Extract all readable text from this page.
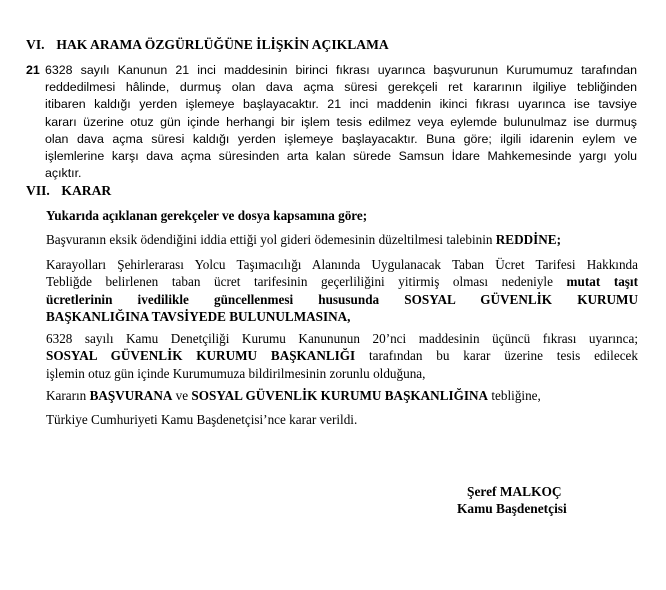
VI. HAK ARAMA ÖZGÜRLÜĞÜNE İLİŞKİN AÇIKLAMA
21 6328 sayılı Kanunun 21 inci maddesinin birinci fıkrası uyarınca başvurunun Kurumumuz tarafından
reddedilmesi hâlinde, durmuş olan dava açma süresi gerekçeli ret kararının ilgiliye tebliğinden
itibaren kaldığı yerden işlemeye başlayacaktır. 21 inci maddenin ikinci fıkrası uyarınca ise tavsiye
kararı üzerine otuz gün içinde herhangi bir işlem tesis edilmez veya eylemde bulunulmaz ise durmuş
olan dava açma süresi kaldığı yerden işlemeye başlayacaktır. Buna göre; ilgili idarenin eylem ve
işlemlerine karşı dava açma süresinden arta kalan sürede Samsun İdare Mahkemesinde yargı yolu
açıktır.
VII. KARAR
Yukarıda açıklanan gerekçeler ve dosya kapsamına göre;
Başvuranın eksik ödendiğini iddia ettiği yol gideri ödemesinin düzeltilmesi talebinin REDDİNE;
Karayolları Şehirlerarası Yolcu Taşımacılığı Alanında Uygulanacak Taban Ücret Tarifesi Hakkında
Tebliğde belirlenen taban ücret tarifesinin geçerliliğini yitirmiş olması nedeniyle mutat taşıt
ücretlerinin ivedilikle güncellenmesi hususunda SOSYAL GÜVENLİK KURUMU
BAŞKANLIĞINA TAVSİYEDE BULUNULMASINA,
6328 sayılı Kamu Denetçiliği Kurumu Kanununun 20’nci maddesinin üçüncü fıkrası uyarınca;
SOSYAL GÜVENLİK KURUMU BAŞKANLIĞI tarafından bu karar üzerine tesis edilecek
işlemin otuz gün içinde Kurumumuza bildirilmesinin zorunlu olduğuna,
Kararın BAŞVURANA ve SOSYAL GÜVENLİK KURUMU BAŞKANLIĞINA tebliğine,
Türkiye Cumhuriyeti Kamu Başdenetçisi’nce karar verildi.
Şeref MALKOÇ
Kamu Başdenetçisi
